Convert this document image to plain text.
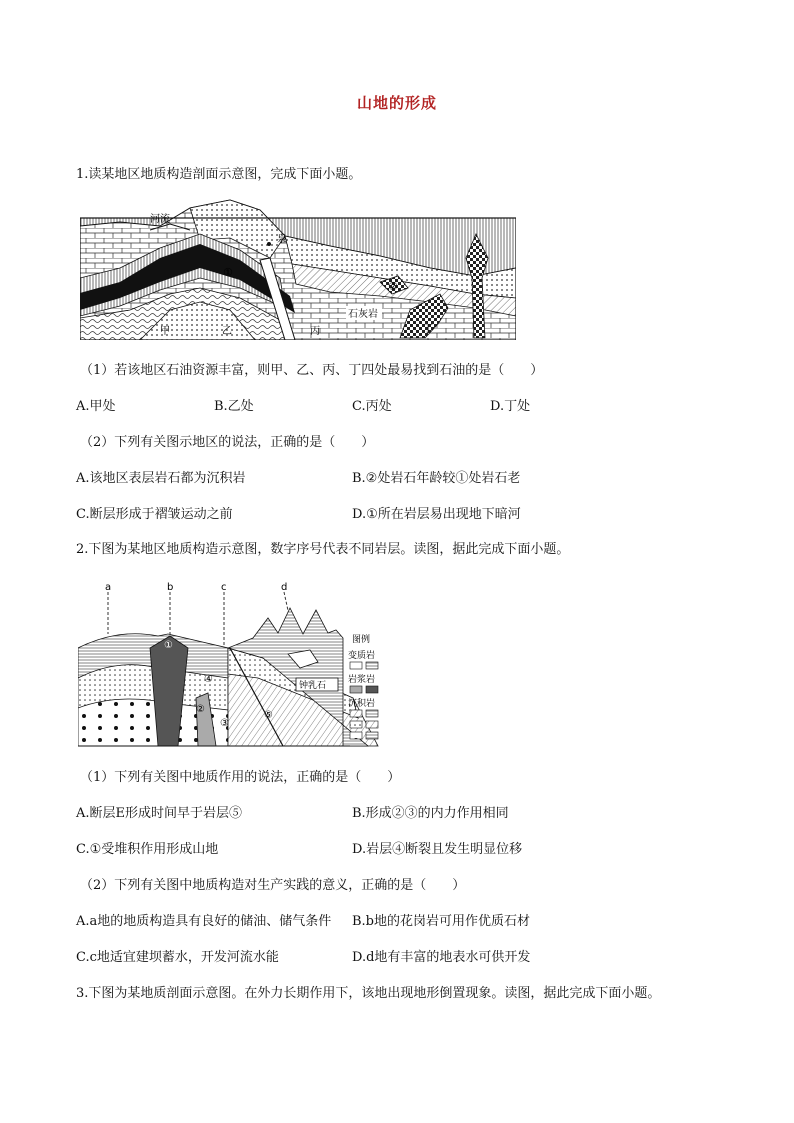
山地的形成
1.读某地区地质构造剖面示意图，完成下面小题。
河流
泉
①
②
甲	乙	丙	丁
石灰岩
（1）若该地区石油资源丰富，则甲、乙、丙、丁四处最易找到石油的是（　　）
A.甲处	B.乙处	C.丙处	D.丁处
（2）下列有关图示地区的说法，正确的是（　　）
A.该地区表层岩石都为沉积岩	B.②处岩石年龄较①处岩石老
C.断层形成于褶皱运动之前	D.①所在岩层易出现地下暗河
2.下图为某地区地质构造示意图，数字序号代表不同岩层。读图，据此完成下面小题。
a	b	c	d
①
②
③
④
⑤
钟乳石
图例
变质岩
岩浆岩
沉积岩
（1）下列有关图中地质作用的说法，正确的是（　　）
A.断层E形成时间早于岩层⑤	B.形成②③的内力作用相同
C.①受堆积作用形成山地	D.岩层④断裂且发生明显位移
（2）下列有关图中地质构造对生产实践的意义，正确的是（　　）
A.a地的地质构造具有良好的储油、储气条件 B.b地的花岗岩可用作优质石材
C.c地适宜建坝蓄水，开发河流水能	D.d地有丰富的地表水可供开发
3.下图为某地质剖面示意图。在外力长期作用下，该地出现地形倒置现象。读图，据此完成下面小题。
